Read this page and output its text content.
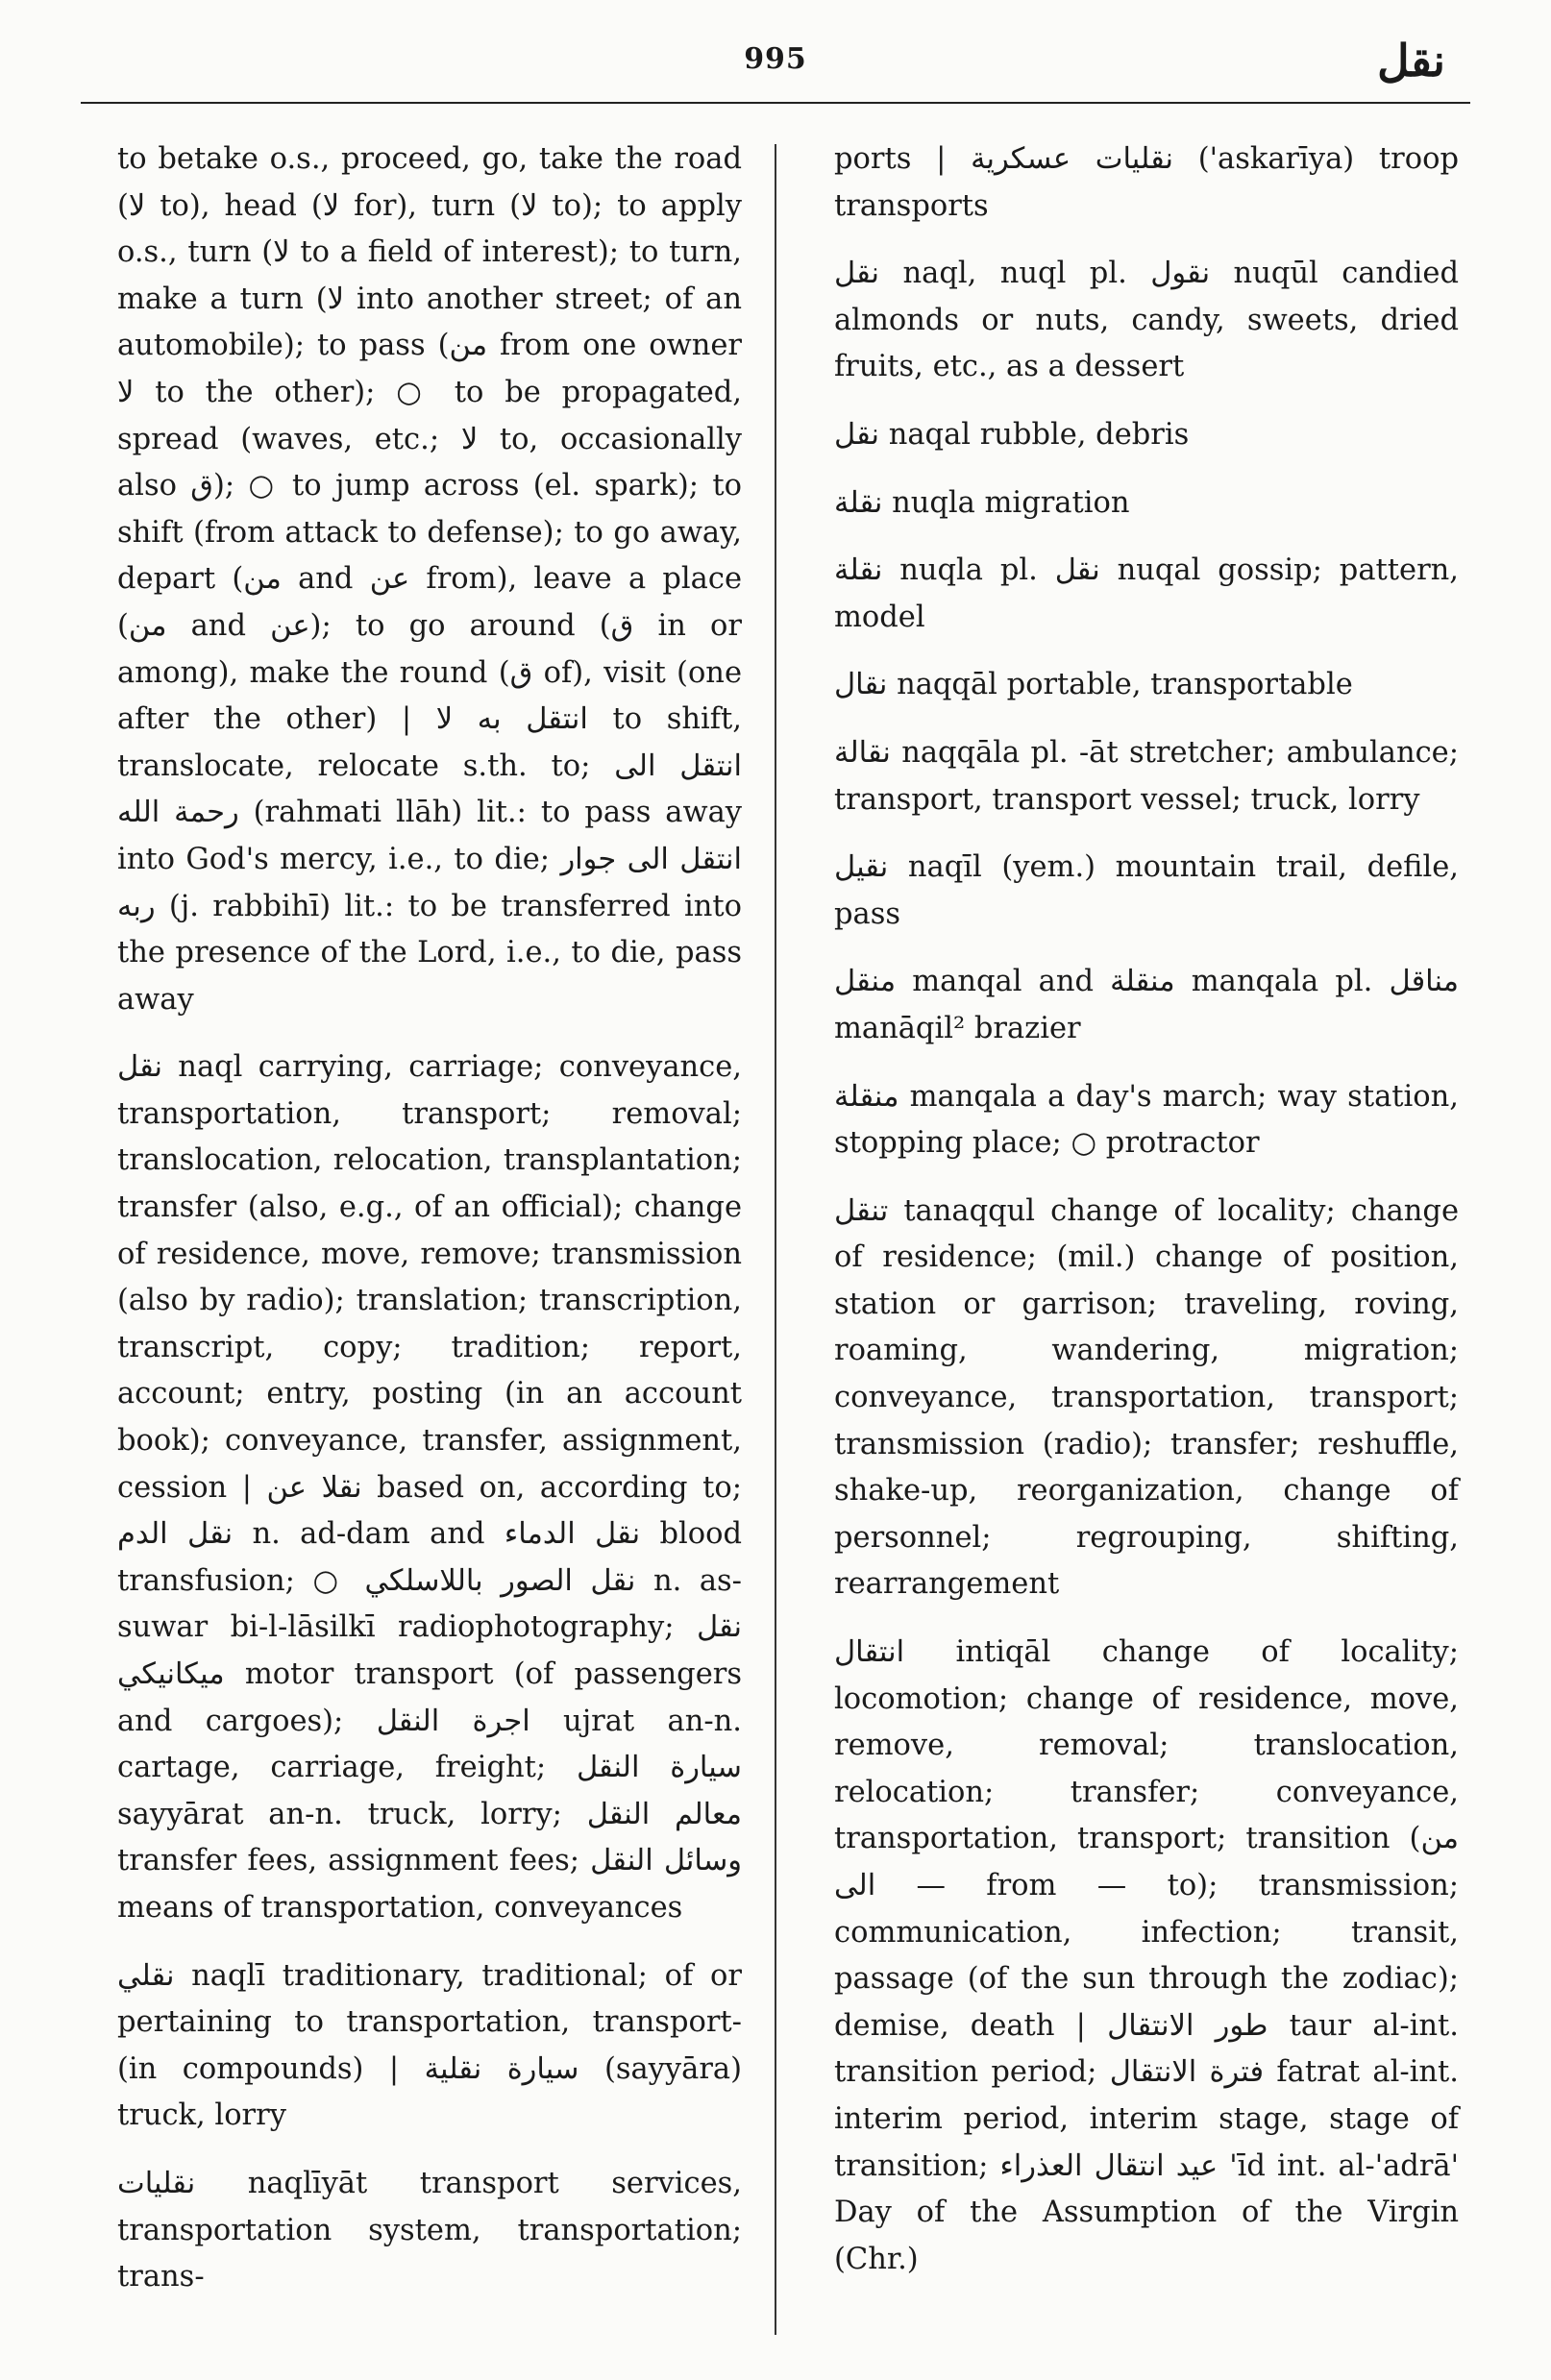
995	نقل

to betake o.s., proceed, go, take the road (لا to), head (لا for), turn (لا to); to apply o.s., turn (لا to a field of interest); to turn, make a turn (لا into another street; of an automobile); to pass (من from one owner لا to the other); ○ to be propagated, spread (waves, etc.; لا to, occasionally also ق); ○ to jump across (el. spark); to shift (from attack to defense); to go away, depart (من and عن from), leave a place (من and عن); to go around (ق in or among), make the round (ق of), visit (one after the other) | انتقل به لا to shift, translocate, relocate s.th. to; انتقل الى رحمة الله (rahmati llāh) lit.: to pass away into God's mercy, i.e., to die; انتقل الى جوار ربه (j. rabbihī) lit.: to be transferred into the presence of the Lord, i.e., to die, pass away

نقل naql carrying, carriage; conveyance, transportation, transport; removal; translocation, relocation, transplantation; transfer (also, e.g., of an official); change of residence, move, remove; transmission (also by radio); translation; transcription, transcript, copy; tradition; report, account; entry, posting (in an account book); conveyance, transfer, assignment, cession | نقلا عن based on, according to; نقل الدم n. ad-dam and نقل الدماء blood transfusion; ○ نقل الصور باللاسلكي n. as-suwar bi-l-lāsilkī radiophotography; نقل ميكانيكي motor transport (of passengers and cargoes); اجرة النقل ujrat an-n. cartage, carriage, freight; سيارة النقل sayyārat an-n. truck, lorry; معالم النقل transfer fees, assignment fees; وسائل النقل means of transportation, conveyances

نقلي naqlī traditionary, traditional; of or pertaining to transportation, transport- (in compounds) | سيارة نقلية (sayyāra) truck, lorry

نقليات naqlīyāt transport services, transportation system, transportation; trans-

ports | نقليات عسكرية ('askarīya) troop transports

نقل naql, nuql pl. نقول nuqūl candied almonds or nuts, candy, sweets, dried fruits, etc., as a dessert

نقل naqal rubble, debris

نقلة nuqla migration

نقلة nuqla pl. نقل nuqal gossip; pattern, model

نقال naqqāl portable, transportable

نقالة naqqāla pl. -āt stretcher; ambulance; transport, transport vessel; truck, lorry

نقيل naqīl (yem.) mountain trail, defile, pass

منقل manqal and منقلة manqala pl. مناقل manāqil² brazier

منقلة manqala a day's march; way station, stopping place; ○ protractor

تنقل tanaqqul change of locality; change of residence; (mil.) change of position, station or garrison; traveling, roving, roaming, wandering, migration; conveyance, transportation, transport; transmission (radio); transfer; reshuffle, shake-up, reorganization, change of personnel; regrouping, shifting, rearrangement

انتقال intiqāl change of locality; locomotion; change of residence, move, remove, removal; translocation, relocation; transfer; conveyance, transportation, transport; transition (من — الى from — to); transmission; communication, infection; transit, passage (of the sun through the zodiac); demise, death | طور الانتقال taur al-int. transition period; فترة الانتقال fatrat al-int. interim period, interim stage, stage of transition; عيد انتقال العذراء 'īd int. al-'adrā' Day of the Assumption of the Virgin (Chr.)
